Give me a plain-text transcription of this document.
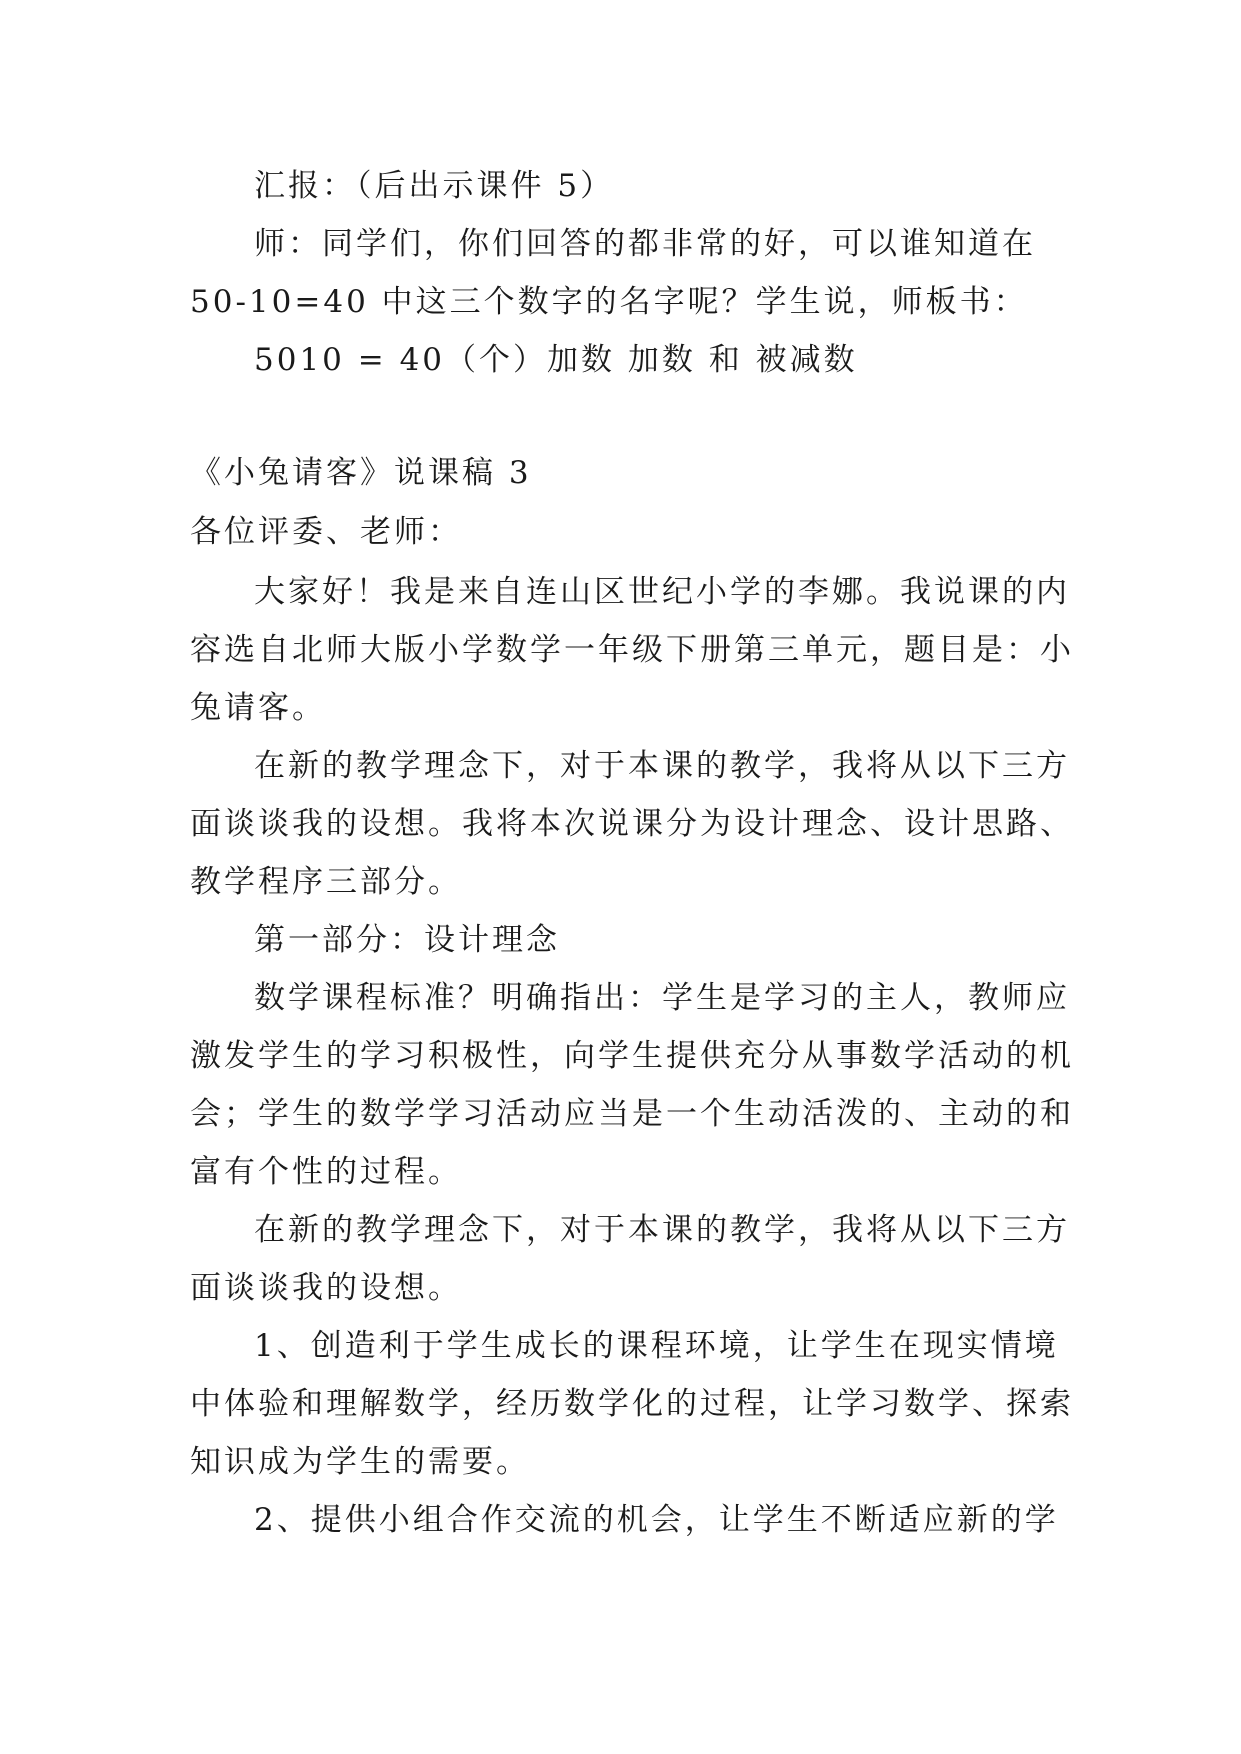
汇报：（后出示课件 5）
师：同学们，你们回答的都非常的好，可以谁知道在
50-10=40 中这三个数字的名字呢？学生说，师板书：
5010 = 40（个）加数 加数 和 被减数
《小兔请客》说课稿 3
各位评委、老师：
大家好！我是来自连山区世纪小学的李娜。我说课的内
容选自北师大版小学数学一年级下册第三单元，题目是：小
兔请客。
在新的教学理念下，对于本课的教学，我将从以下三方
面谈谈我的设想。我将本次说课分为设计理念、设计思路、
教学程序三部分。
第一部分：设计理念
数学课程标准？明确指出：学生是学习的主人，教师应
激发学生的学习积极性，向学生提供充分从事数学活动的机
会；学生的数学学习活动应当是一个生动活泼的、主动的和
富有个性的过程。
在新的教学理念下，对于本课的教学，我将从以下三方
面谈谈我的设想。
1、创造利于学生成长的课程环境，让学生在现实情境
中体验和理解数学，经历数学化的过程，让学习数学、探索
知识成为学生的需要。
2、提供小组合作交流的机会，让学生不断适应新的学
